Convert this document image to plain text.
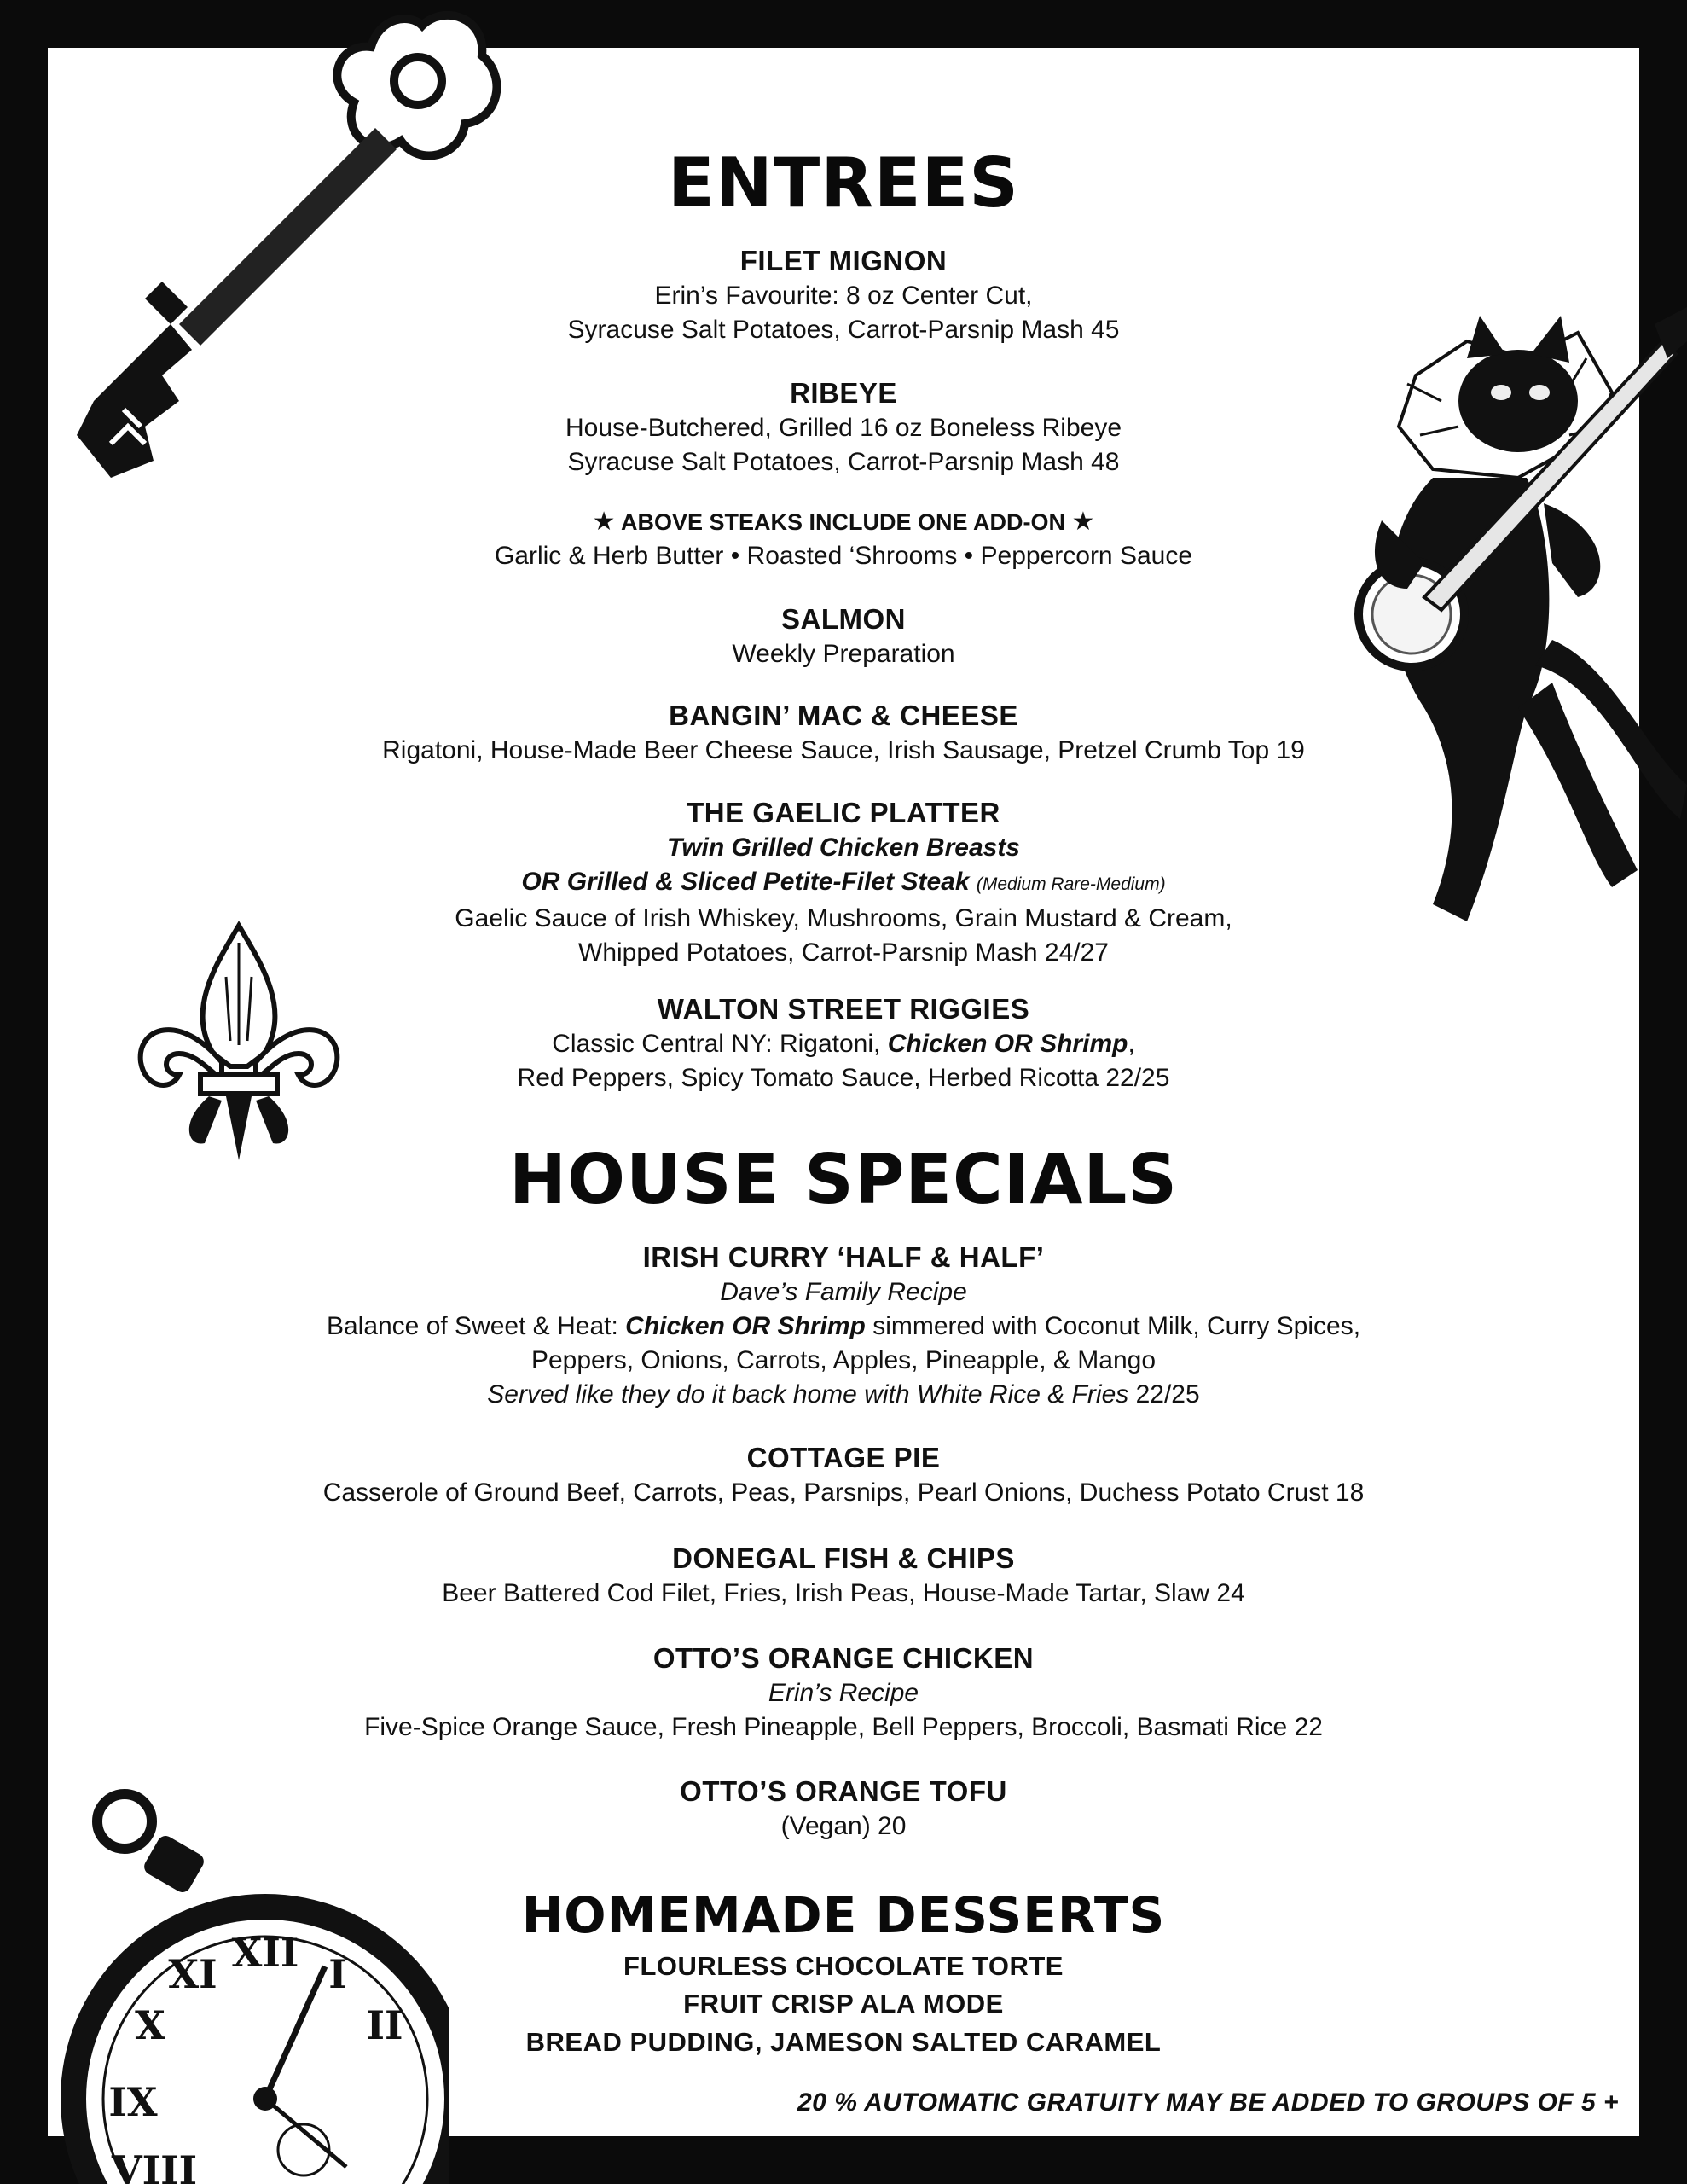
XII I
II
X
XI
IX
VIII
ENTREES
FILET MIGNON
Erin’s Favourite: 8 oz Center Cut,
Syracuse Salt Potatoes, Carrot-Parsnip Mash 45
RIBEYE
House-Butchered, Grilled 16 oz Boneless Ribeye
Syracuse Salt Potatoes, Carrot-Parsnip Mash 48
★ ABOVE STEAKS INCLUDE ONE ADD-ON ★
Garlic & Herb Butter • Roasted ‘Shrooms • Peppercorn Sauce
SALMON
Weekly Preparation
BANGIN’ MAC & CHEESE
Rigatoni, House-Made Beer Cheese Sauce, Irish Sausage, Pretzel Crumb Top 19
THE GAELIC PLATTER
Twin Grilled Chicken Breasts
OR Grilled & Sliced Petite-Filet Steak (Medium Rare-Medium)
Gaelic Sauce of Irish Whiskey, Mushrooms, Grain Mustard & Cream,
Whipped Potatoes, Carrot-Parsnip Mash 24/27
WALTON STREET RIGGIES
Classic Central NY: Rigatoni, Chicken OR Shrimp,
Red Peppers, Spicy Tomato Sauce, Herbed Ricotta 22/25
HOUSE SPECIALS
IRISH CURRY ‘HALF & HALF’
Dave’s Family Recipe
Balance of Sweet & Heat: Chicken OR Shrimp simmered with Coconut Milk, Curry Spices,
Peppers, Onions, Carrots, Apples, Pineapple, & Mango
Served like they do it back home with White Rice & Fries 22/25
COTTAGE PIE
Casserole of Ground Beef, Carrots, Peas, Parsnips, Pearl Onions, Duchess Potato Crust 18
DONEGAL FISH & CHIPS
Beer Battered Cod Filet, Fries, Irish Peas, House-Made Tartar, Slaw 24
OTTO’S ORANGE CHICKEN
Erin’s Recipe
Five-Spice Orange Sauce, Fresh Pineapple, Bell Peppers, Broccoli, Basmati Rice 22
OTTO’S ORANGE TOFU
(Vegan) 20
HOMEMADE DESSERTS
FLOURLESS CHOCOLATE TORTE
FRUIT CRISP ALA MODE
BREAD PUDDING, JAMESON SALTED CARAMEL
20 % AUTOMATIC GRATUITY MAY BE ADDED TO GROUPS OF 5 +
